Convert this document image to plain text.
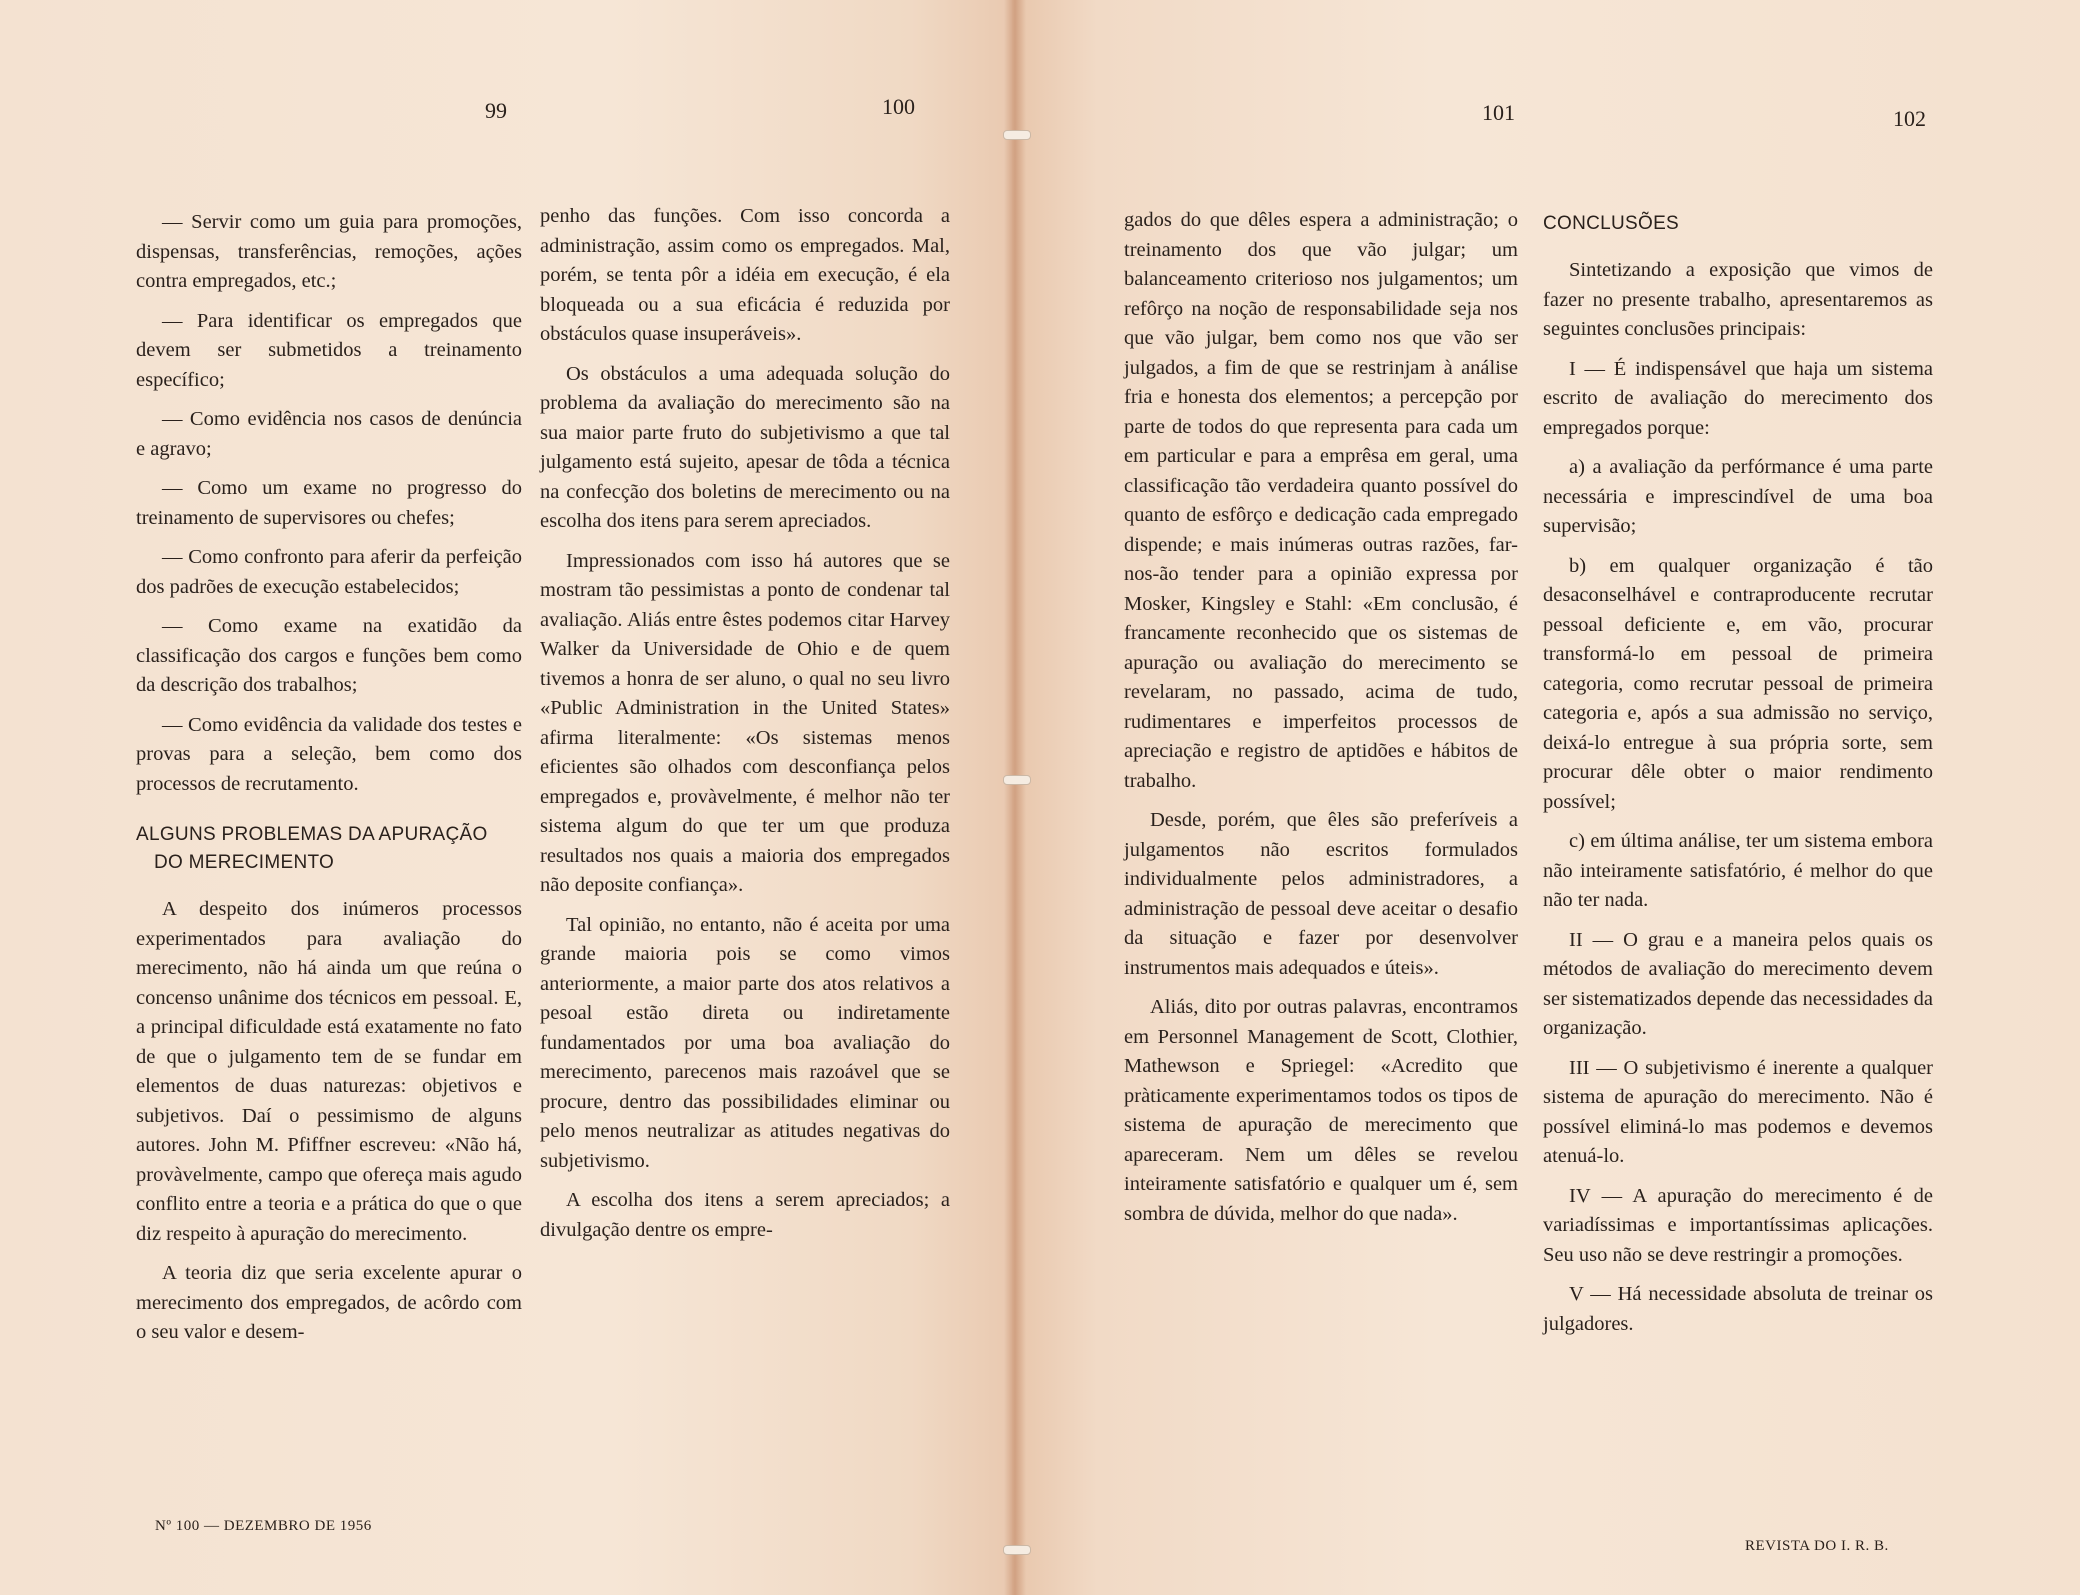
99	100	101	102

— Servir como um guia para promoções, dispensas, transferências, remoções, ações contra empregados, etc.;

— Para identificar os empregados que devem ser submetidos a treinamento específico;

— Como evidência nos casos de denúncia e agravo;

— Como um exame no progresso do treinamento de supervisores ou chefes;

— Como confronto para aferir da perfeição dos padrões de execução estabelecidos;

— Como exame na exatidão da classificação dos cargos e funções bem como da descrição dos trabalhos;

— Como evidência da validade dos testes e provas para a seleção, bem como dos processos de recrutamento.

ALGUNS PROBLEMAS DA APURAÇÃO
DO MERECIMENTO

A despeito dos inúmeros processos experimentados para avaliação do merecimento, não há ainda um que reúna o concenso unânime dos técnicos em pessoal. E, a principal dificuldade está exatamente no fato de que o julgamento tem de se fundar em elementos de duas naturezas: objetivos e subjetivos. Daí o pessimismo de alguns autores. John M. Pfiffner escreveu: «Não há, provàvelmente, campo que ofereça mais agudo conflito entre a teoria e a prática do que o que diz respeito à apuração do merecimento.

A teoria diz que seria excelente apurar o merecimento dos empregados, de acôrdo com o seu valor e desem-

Nº 100 — DEZEMBRO DE 1956

penho das funções. Com isso concorda a administração, assim como os empregados. Mal, porém, se tenta pôr a idéia em execução, é ela bloqueada ou a sua eficácia é reduzida por obstáculos quase insuperáveis».

Os obstáculos a uma adequada solução do problema da avaliação do merecimento são na sua maior parte fruto do subjetivismo a que tal julgamento está sujeito, apesar de tôda a técnica na confecção dos boletins de merecimento ou na escolha dos itens para serem apreciados.

Impressionados com isso há autores que se mostram tão pessimistas a ponto de condenar tal avaliação. Aliás entre êstes podemos citar Harvey Walker da Universidade de Ohio e de quem tivemos a honra de ser aluno, o qual no seu livro «Public Administration in the United States» afirma literalmente: «Os sistemas menos eficientes são olhados com desconfiança pelos empregados e, provàvelmente, é melhor não ter sistema algum do que ter um que produza resultados nos quais a maioria dos empregados não deposite confiança».

Tal opinião, no entanto, não é aceita por uma grande maioria pois se como vimos anteriormente, a maior parte dos atos relativos a pesoal estão direta ou indiretamente fundamentados por uma boa avaliação do merecimento, parecenos mais razoável que se procure, dentro das possibilidades eliminar ou pelo menos neutralizar as atitudes negativas do subjetivismo.

A escolha dos itens a serem apreciados; a divulgação dentre os empre-

gados do que dêles espera a administração; o treinamento dos que vão julgar; um balanceamento criterioso nos julgamentos; um refôrço na noção de responsabilidade seja nos que vão julgar, bem como nos que vão ser julgados, a fim de que se restrinjam à análise fria e honesta dos elementos; a percepção por parte de todos do que representa para cada um em particular e para a emprêsa em geral, uma classificação tão verdadeira quanto possível do quanto de esfôrço e dedicação cada empregado dispende; e mais inúmeras outras razões, far-nos-ão tender para a opinião expressa por Mosker, Kingsley e Stahl: «Em conclusão, é francamente reconhecido que os sistemas de apuração ou avaliação do merecimento se revelaram, no passado, acima de tudo, rudimentares e imperfeitos processos de apreciação e registro de aptidões e hábitos de trabalho.

Desde, porém, que êles são preferíveis a julgamentos não escritos formulados individualmente pelos administradores, a administração de pessoal deve aceitar o desafio da situação e fazer por desenvolver instrumentos mais adequados e úteis».

Aliás, dito por outras palavras, encontramos em Personnel Management de Scott, Clothier, Mathewson e Spriegel: «Acredito que pràticamente experimentamos todos os tipos de sistema de apuração de merecimento que apareceram. Nem um dêles se revelou inteiramente satisfatório e qualquer um é, sem sombra de dúvida, melhor do que nada».

CONCLUSÕES

Sintetizando a exposição que vimos de fazer no presente trabalho, apresentaremos as seguintes conclusões principais:

I — É indispensável que haja um sistema escrito de avaliação do merecimento dos empregados porque:

a) a avaliação da perfórmance é uma parte necessária e imprescindível de uma boa supervisão;

b) em qualquer organização é tão desaconselhável e contraproducente recrutar pessoal deficiente e, em vão, procurar transformá-lo em pessoal de primeira categoria, como recrutar pessoal de primeira categoria e, após a sua admissão no serviço, deixá-lo entregue à sua própria sorte, sem procurar dêle obter o maior rendimento possível;

c) em última análise, ter um sistema embora não inteiramente satisfatório, é melhor do que não ter nada.

II — O grau e a maneira pelos quais os métodos de avaliação do merecimento devem ser sistematizados depende das necessidades da organização.

III — O subjetivismo é inerente a qualquer sistema de apuração do merecimento. Não é possível eliminá-lo mas podemos e devemos atenuá-lo.

IV — A apuração do merecimento é de variadíssimas e importantíssimas aplicações. Seu uso não se deve restringir a promoções.

V — Há necessidade absoluta de treinar os julgadores.

REVISTA DO I. R. B.
